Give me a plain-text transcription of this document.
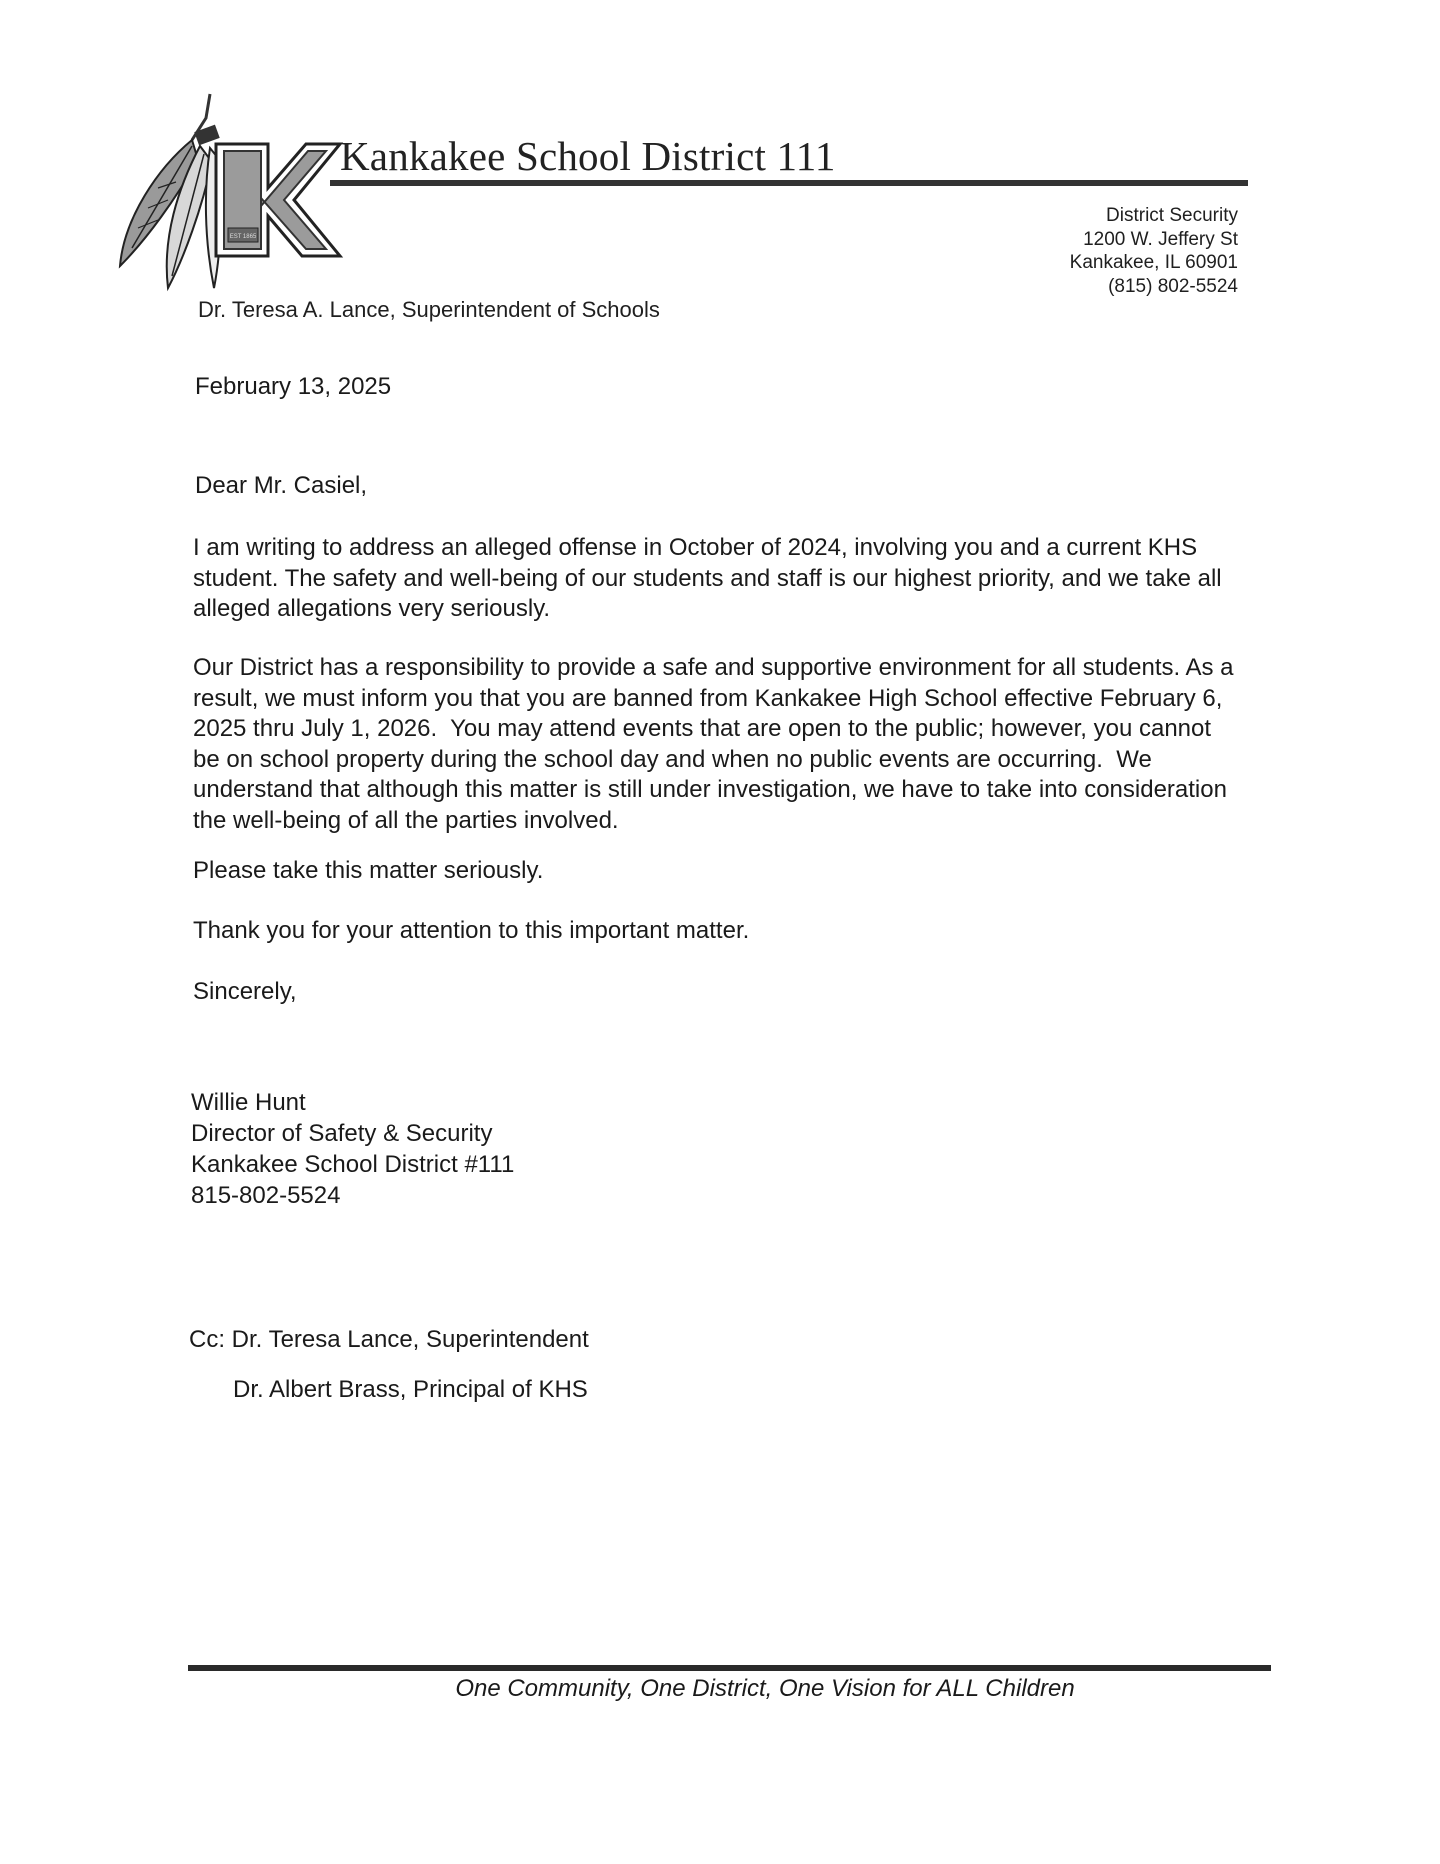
EST 1865
Kankakee School District 111
District Security
1200 W. Jeffery St
Kankakee, IL 60901
(815) 802-5524
Dr. Teresa A. Lance, Superintendent of Schools
February 13, 2025
Dear Mr. Casiel,
I am writing to address an alleged offense in October of 2024, involving you and a current KHS
student. The safety and well-being of our students and staff is our highest priority, and we take all
alleged allegations very seriously.
Our District has a responsibility to provide a safe and supportive environment for all students. As a
result, we must inform you that you are banned from Kankakee High School effective February 6,
2025 thru July 1, 2026.  You may attend events that are open to the public; however, you cannot
be on school property during the school day and when no public events are occurring.  We
understand that although this matter is still under investigation, we have to take into consideration
the well-being of all the parties involved.
Please take this matter seriously.
Thank you for your attention to this important matter.
Sincerely,
Willie Hunt
Director of Safety & Security
Kankakee School District #111
815-802-5524
Cc: Dr. Teresa Lance, Superintendent
Dr. Albert Brass, Principal of KHS
One Community, One District, One Vision for ALL Children
